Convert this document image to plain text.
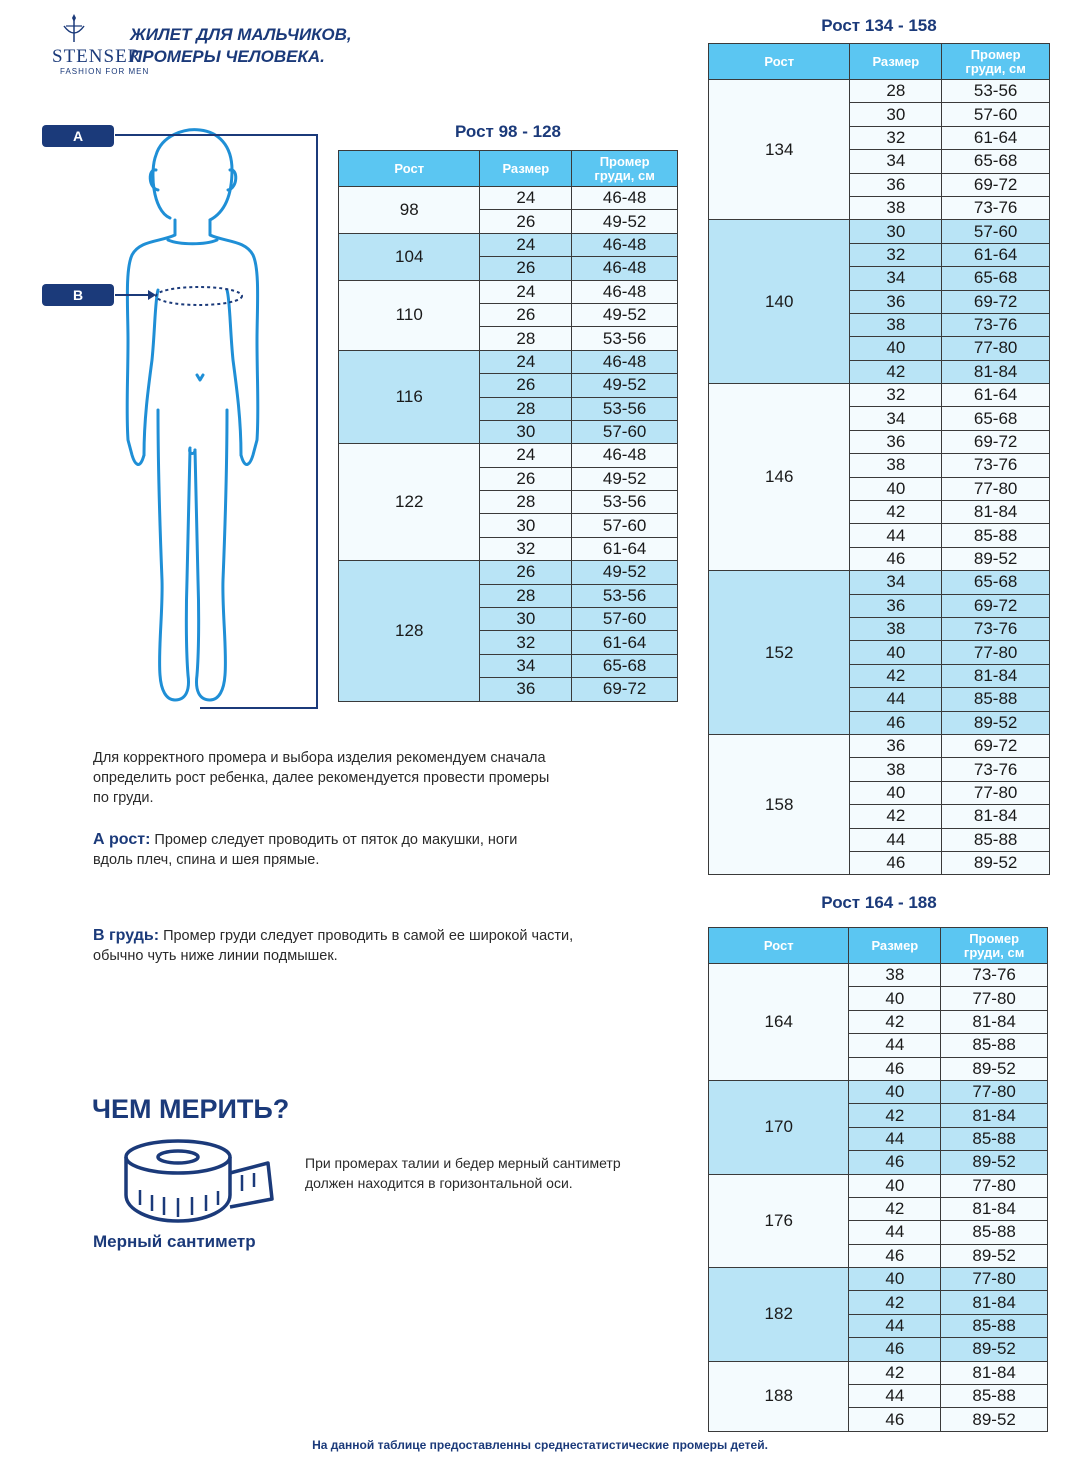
STENSER
FASHION FOR MEN
ЖИЛЕТ ДЛЯ МАЛЬЧИКОВ,
ПРОМЕРЫ ЧЕЛОВЕКА.
A
B
Рост 98 - 128
Рост 134 - 158
Рост 164 - 188
Рост	Размер	Промер
груди, см
98	24	46-48
	26	49-52
104	24	46-48
	26	46-48
110	24	46-48
	26	49-52
	28	53-56
116	24	46-48
	26	49-52
	28	53-56
	30	57-60
122	24	46-48
	26	49-52
	28	53-56
	30	57-60
	32	61-64
128	26	49-52
	28	53-56
	30	57-60
	32	61-64
	34	65-68
	36	69-72
Рост	Размер	Промер
груди, см
134	28	53-56
	30	57-60
	32	61-64
	34	65-68
	36	69-72
	38	73-76
140	30	57-60
	32	61-64
	34	65-68
	36	69-72
	38	73-76
	40	77-80
	42	81-84
146	32	61-64
	34	65-68
	36	69-72
	38	73-76
	40	77-80
	42	81-84
	44	85-88
	46	89-52
152	34	65-68
	36	69-72
	38	73-76
	40	77-80
	42	81-84
	44	85-88
	46	89-52
158	36	69-72
	38	73-76
	40	77-80
	42	81-84
	44	85-88
	46	89-52
Рост	Размер	Промер
груди, см
164	38	73-76
	40	77-80
	42	81-84
	44	85-88
	46	89-52
170	40	77-80
	42	81-84
	44	85-88
	46	89-52
176	40	77-80
	42	81-84
	44	85-88
	46	89-52
182	40	77-80
	42	81-84
	44	85-88
	46	89-52
188	42	81-84
	44	85-88
	46	89-52
Для корректного промера и выбора изделия рекомендуем сначала
определить рост ребенка, далее рекомендуется провести промеры
по груди.
А рост: Промер следует проводить от пяток до макушки, ноги
вдоль плеч, спина и шея прямые.
В грудь: Промер груди следует проводить в самой ее широкой части,
обычно чуть ниже линии подмышек.
ЧЕМ МЕРИТЬ?
Мерный сантиметр
При промерах талии и бедер мерный сантиметр
должен находится в горизонтальной оси.
На данной таблице предоставленны среднестатистические промеры детей.
